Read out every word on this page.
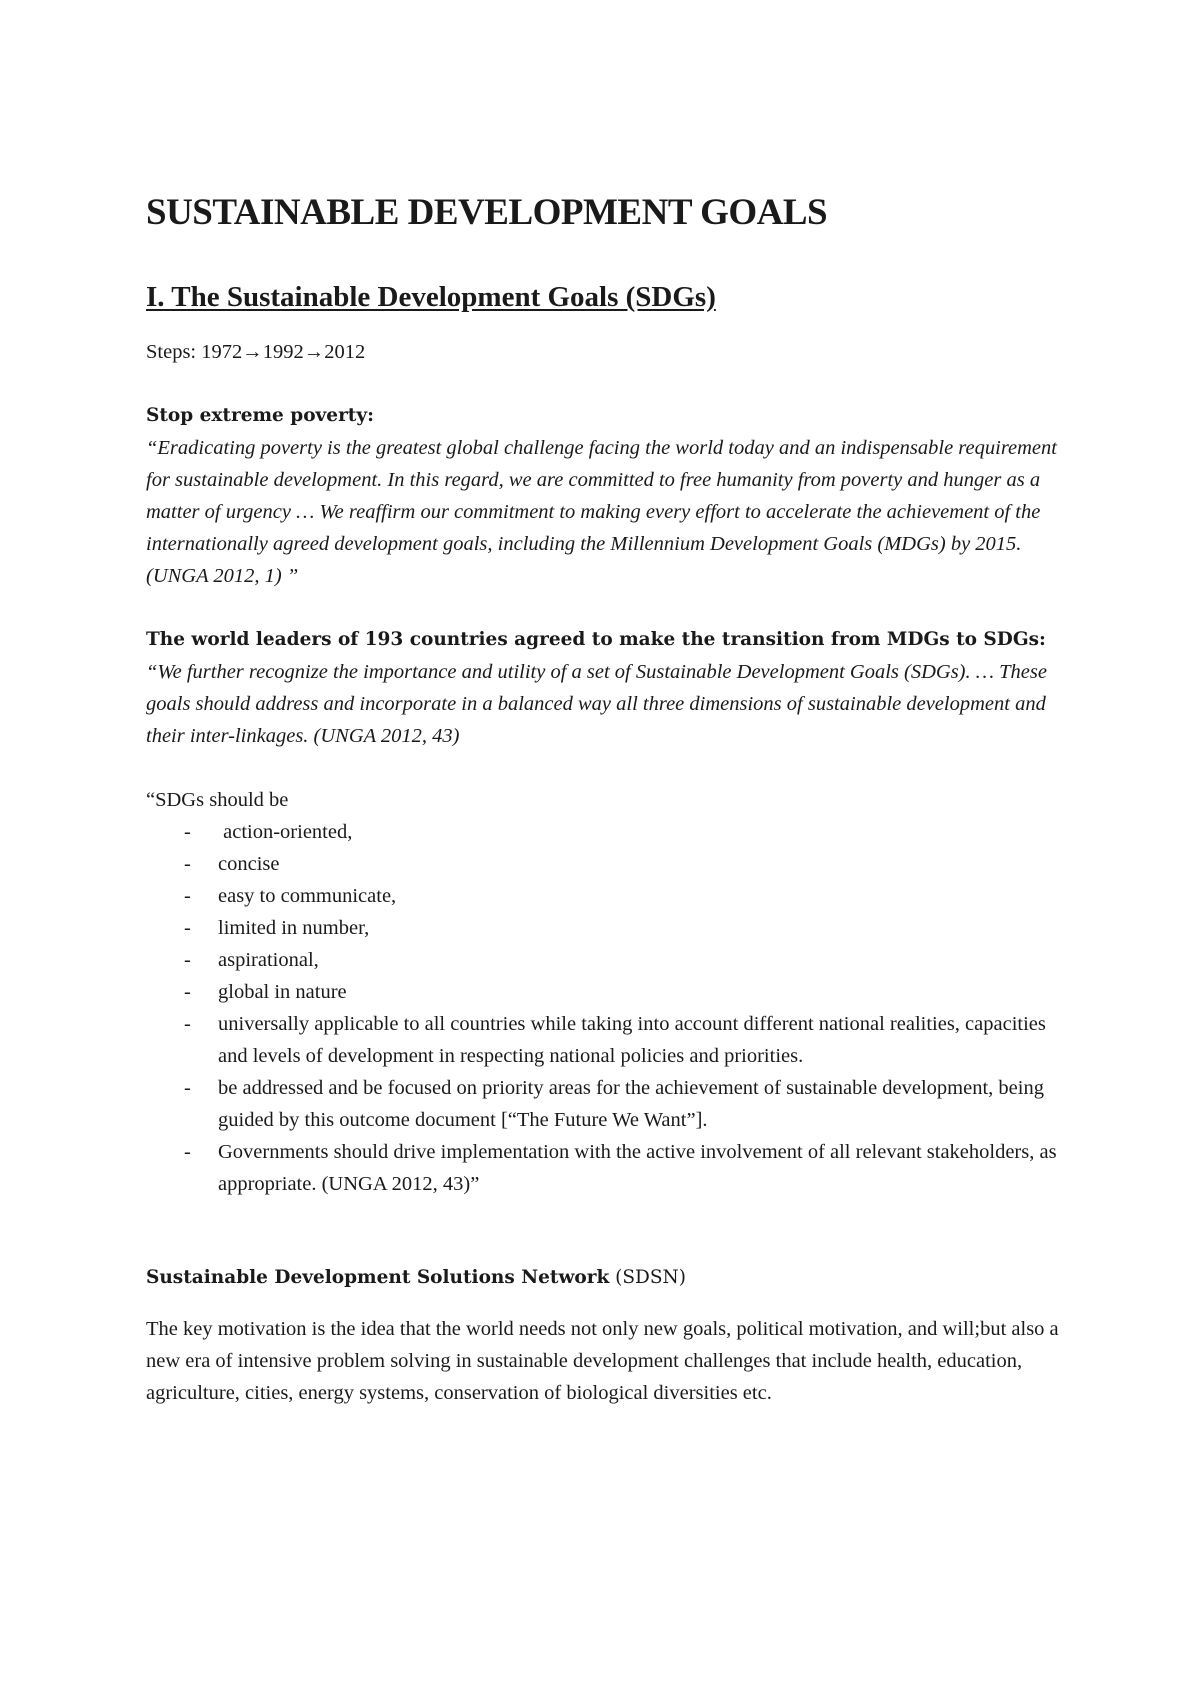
SUSTAINABLE DEVELOPMENT GOALS
I. The Sustainable Development Goals (SDGs)

Steps: 1972→1992→2012

Stop extreme poverty:

“Eradicating poverty is the greatest global challenge facing the world today and an indispensable requirement for sustainable development. In this regard, we are committed to free humanity from poverty and hunger as a matter of urgency … We reaffirm our commitment to making every effort to accelerate the achievement of the internationally agreed development goals, including the Millennium Development Goals (MDGs) by 2015. (UNGA 2012, 1) ”

The world leaders of 193 countries agreed to make the transition from MDGs to SDGs:

“We further recognize the importance and utility of a set of Sustainable Development Goals (SDGs). … These goals should address and incorporate in a balanced way all three dimensions of sustainable development and their inter-linkages. (UNGA 2012, 43)

“SDGs should be

- action-oriented,
- concise
- easy to communicate,
- limited in number,
- aspirational,
- global in nature
- universally applicable to all countries while taking into account different national realities, capacities and levels of development in respecting national policies and priorities.
- be addressed and be focused on priority areas for the achievement of sustainable development, being guided by this outcome document [“The Future We Want”].
- Governments should drive implementation with the active involvement of all relevant stakeholders, as appropriate. (UNGA 2012, 43)”

Sustainable Development Solutions Network (SDSN)

The key motivation is the idea that the world needs not only new goals, political motivation, and will;but also a new era of intensive problem solving in sustainable development challenges that include health, education, agriculture, cities, energy systems, conservation of biological diversities etc.
